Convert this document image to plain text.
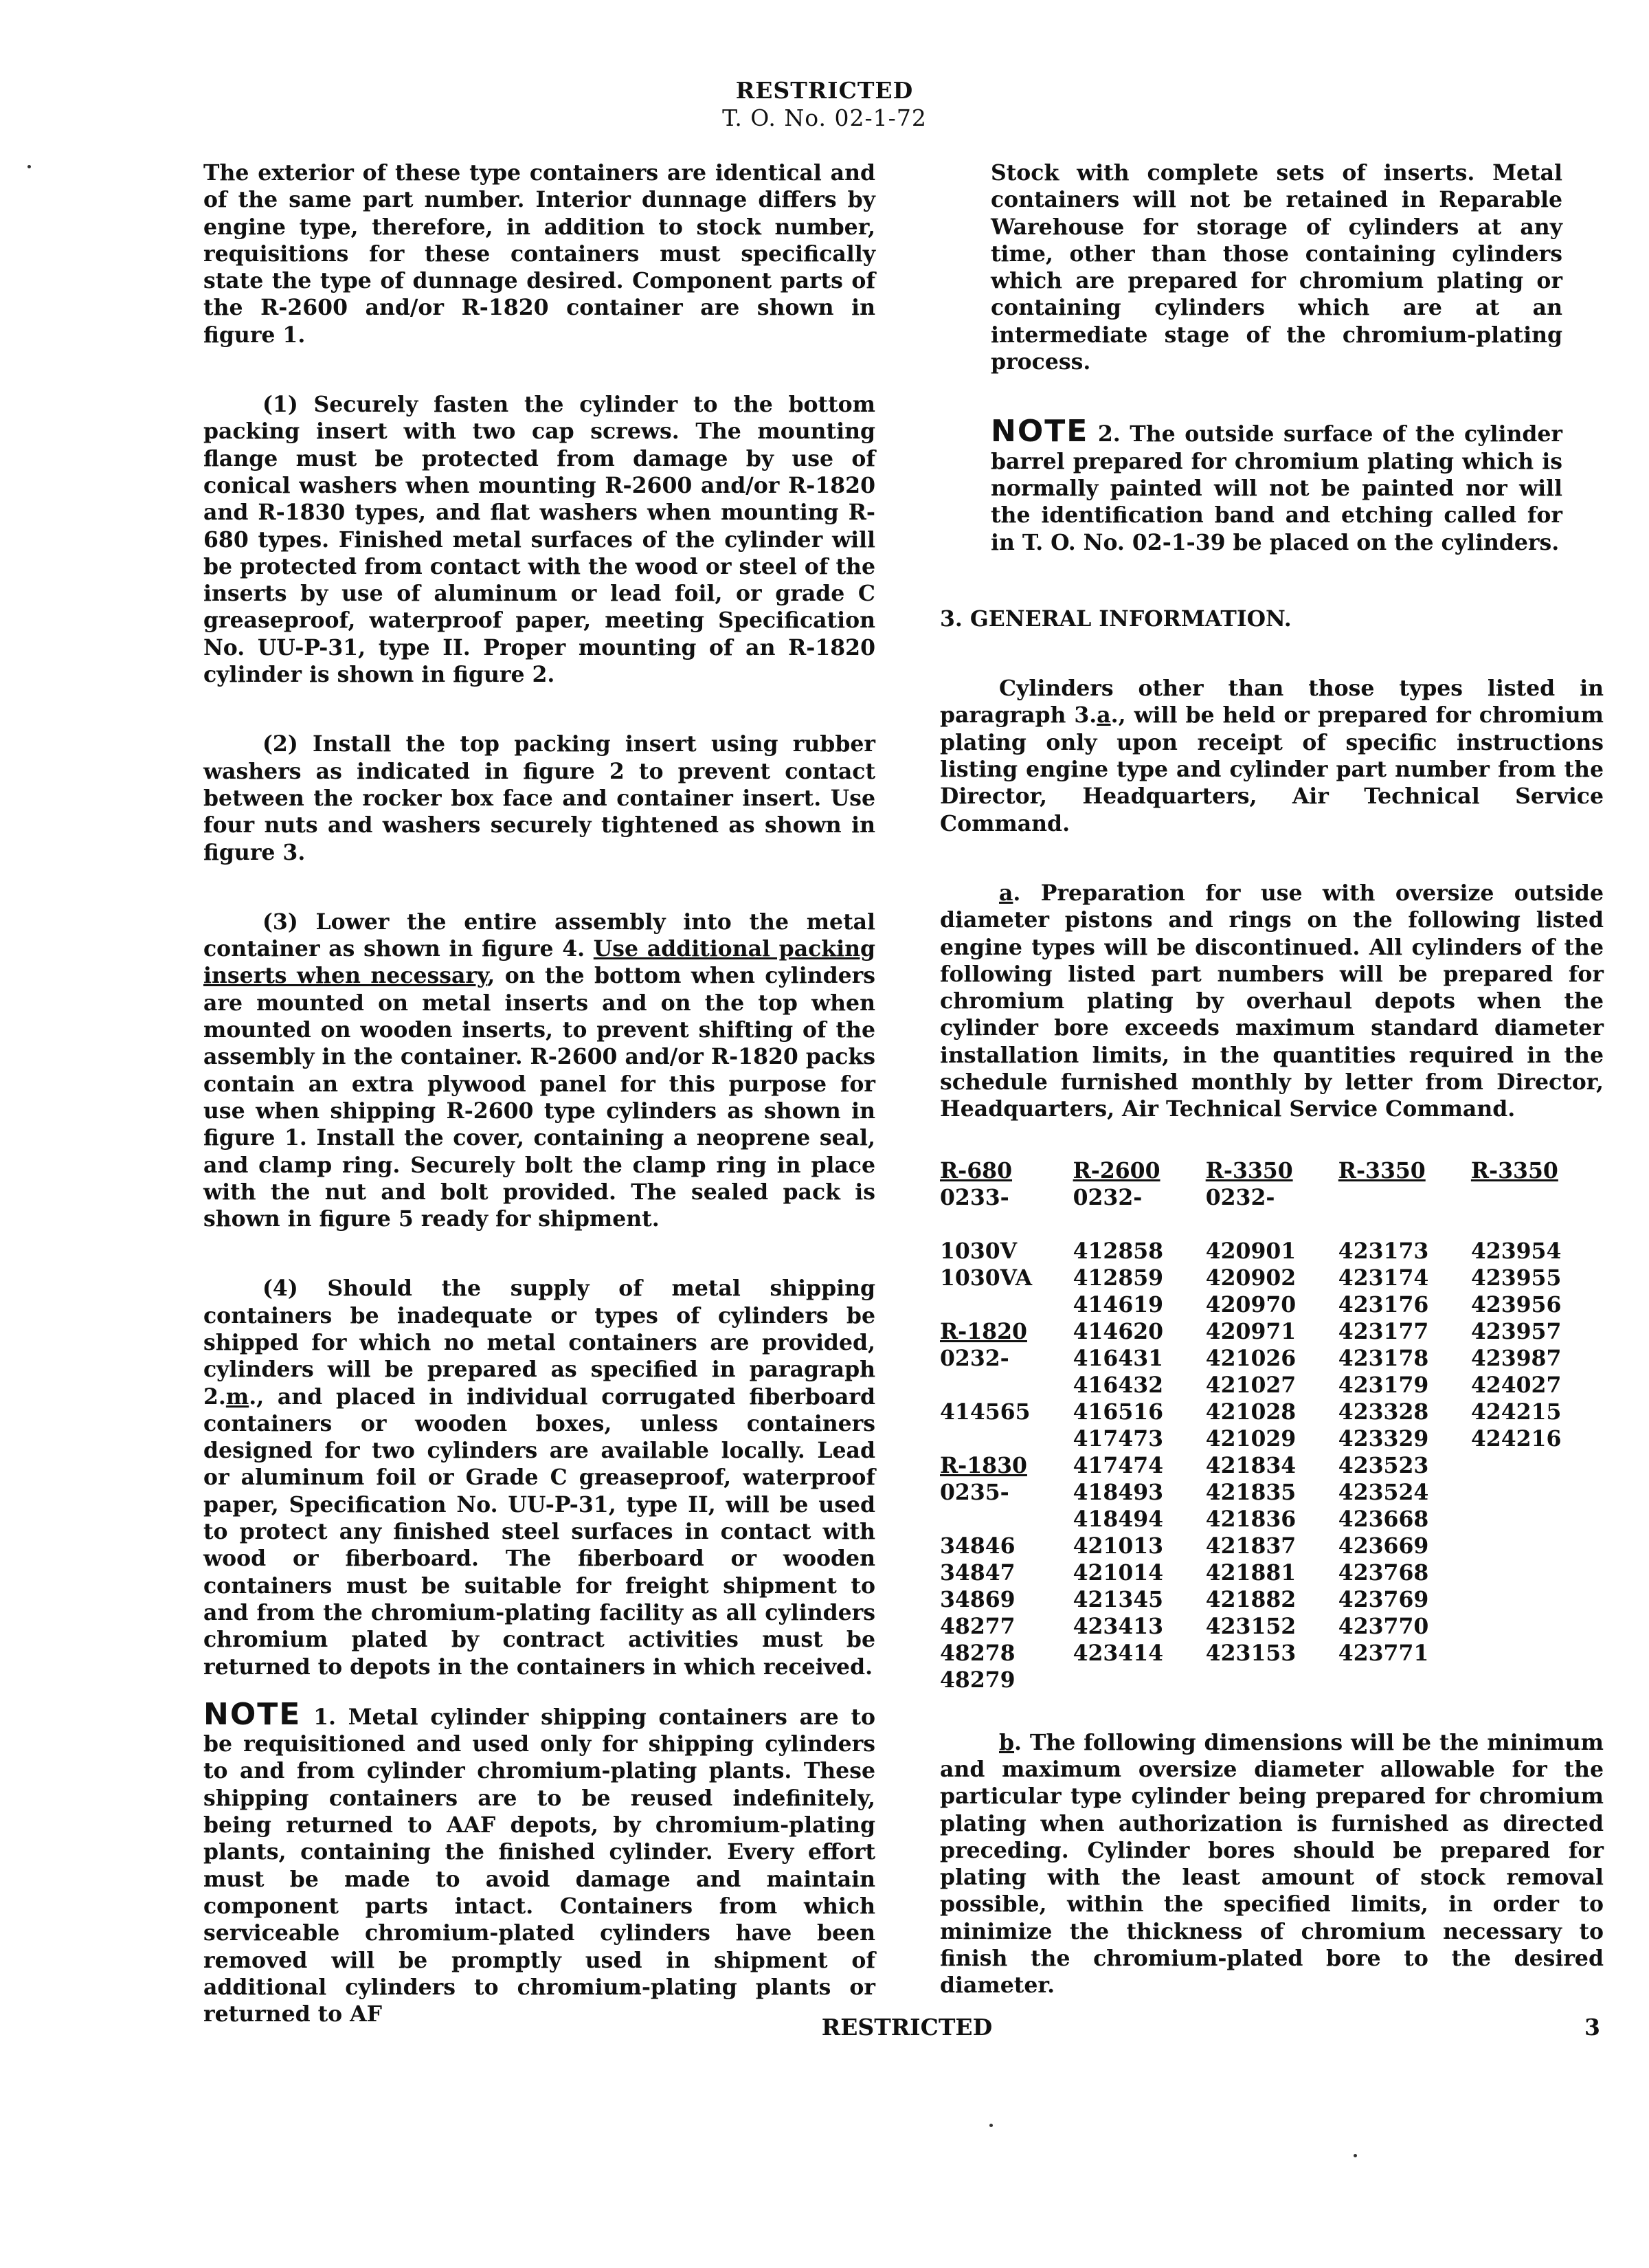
RESTRICTED
T. O. No. 02-1-72

The exterior of these type containers are identical and of the same part number. Interior dunnage differs by engine type, therefore, in addition to stock number, requisitions for these containers must specifically state the type of dunnage desired. Component parts of the R-2600 and/or R-1820 container are shown in figure 1.

(1) Securely fasten the cylinder to the bottom packing insert with two cap screws. The mounting flange must be protected from damage by use of conical washers when mounting R-2600 and/or R-1820 and R-1830 types, and flat washers when mounting R-680 types. Finished metal surfaces of the cylinder will be protected from contact with the wood or steel of the inserts by use of aluminum or lead foil, or grade C greaseproof, waterproof paper, meeting Specification No. UU-P-31, type II. Proper mounting of an R-1820 cylinder is shown in figure 2.

(2) Install the top packing insert using rubber washers as indicated in figure 2 to prevent contact between the rocker box face and container insert. Use four nuts and washers securely tightened as shown in figure 3.

(3) Lower the entire assembly into the metal container as shown in figure 4. Use additional packing inserts when necessary, on the bottom when cylinders are mounted on metal inserts and on the top when mounted on wooden inserts, to prevent shifting of the assembly in the container. R-2600 and/or R-1820 packs contain an extra plywood panel for this purpose for use when shipping R-2600 type cylinders as shown in figure 1. Install the cover, containing a neoprene seal, and clamp ring. Securely bolt the clamp ring in place with the nut and bolt provided. The sealed pack is shown in figure 5 ready for shipment.

(4) Should the supply of metal shipping containers be inadequate or types of cylinders be shipped for which no metal containers are provided, cylinders will be prepared as specified in paragraph 2.m., and placed in individual corrugated fiberboard containers or wooden boxes, unless containers designed for two cylinders are available locally. Lead or aluminum foil or Grade C greaseproof, waterproof paper, Specification No. UU-P-31, type II, will be used to protect any finished steel surfaces in contact with wood or fiberboard. The fiberboard or wooden containers must be suitable for freight shipment to and from the chromium-plating facility as all cylinders chromium plated by contract activities must be returned to depots in the containers in which received.

NOTE 1. Metal cylinder shipping containers are to be requisitioned and used only for shipping cylinders to and from cylinder chromium-plating plants. These shipping containers are to be reused indefinitely, being returned to AAF depots, by chromium-plating plants, containing the finished cylinder. Every effort must be made to avoid damage and maintain component parts intact. Containers from which serviceable chromium-plated cylinders have been removed will be promptly used in shipment of additional cylinders to chromium-plating plants or returned to AF

Stock with complete sets of inserts. Metal containers will not be retained in Reparable Warehouse for storage of cylinders at any time, other than those containing cylinders which are prepared for chromium plating or containing cylinders which are at an intermediate stage of the chromium-plating process.

NOTE 2. The outside surface of the cylinder barrel prepared for chromium plating which is normally painted will not be painted nor will the identification band and etching called for in T. O. No. 02-1-39 be placed on the cylinders.

3. GENERAL INFORMATION.

Cylinders other than those types listed in paragraph 3.a., will be held or prepared for chromium plating only upon receipt of specific instructions listing engine type and cylinder part number from the Director, Headquarters, Air Technical Service Command.

a. Preparation for use with oversize outside diameter pistons and rings on the following listed engine types will be discontinued. All cylinders of the following listed part numbers will be prepared for chromium plating by overhaul depots when the cylinder bore exceeds maximum standard diameter installation limits, in the quantities required in the schedule furnished monthly by letter from Director, Headquarters, Air Technical Service Command.

R-680	R-2600	R-3350	R-3350	R-3350
0233-	0232-	0232-		

1030V	412858	420901	423173	423954
1030VA	412859	420902	423174	423955
	414619	420970	423176	423956
R-1820	414620	420971	423177	423957
0232-	416431	421026	423178	423987
	416432	421027	423179	424027
414565	416516	421028	423328	424215
	417473	421029	423329	424216
R-1830	417474	421834	423523	
0235-	418493	421835	423524	
	418494	421836	423668	
34846	421013	421837	423669	
34847	421014	421881	423768	
34869	421345	421882	423769	
48277	423413	423152	423770	
48278	423414	423153	423771	
48279				

b. The following dimensions will be the minimum and maximum oversize diameter allowable for the particular type cylinder being prepared for chromium plating when authorization is furnished as directed preceding. Cylinder bores should be prepared for plating with the least amount of stock removal possible, within the specified limits, in order to minimize the thickness of chromium necessary to finish the chromium-plated bore to the desired diameter.

RESTRICTED	3
